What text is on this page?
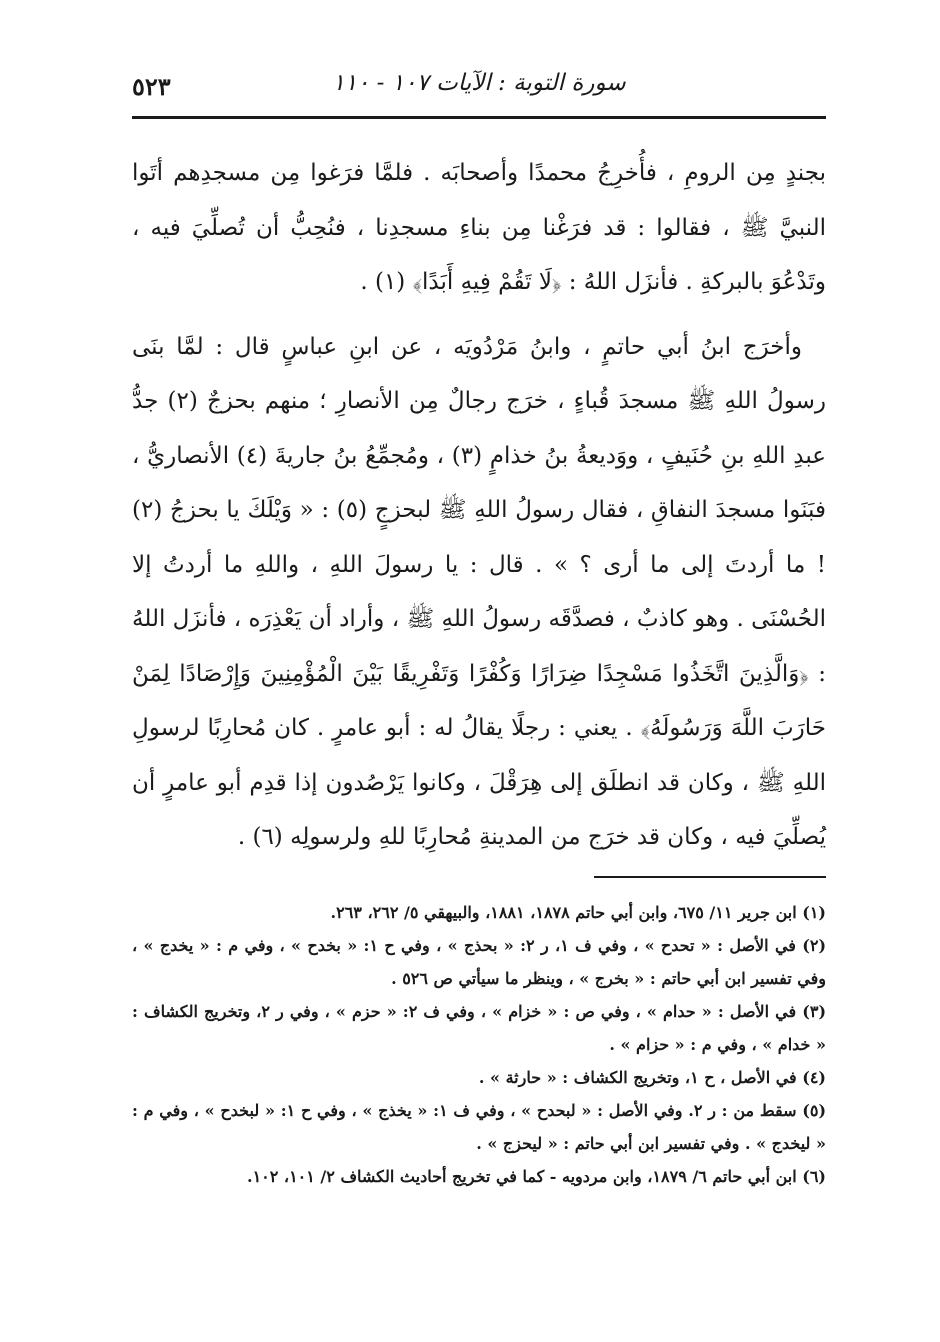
٥٢٣	سورة التوبة : الآيات ١٠٧ - ١١٠

بجندٍ مِن الرومِ ، فأُخرِجُ محمدًا وأصحابَه . فلمَّا فرَغوا مِن مسجدِهم أتَوا النبيَّ ﷺ ، فقالوا : قد فرَغْنا مِن بناءِ مسجدِنا ، فنُحِبُّ أن تُصلِّيَ فيه ، وتَدْعُوَ بالبركةِ . فأنزَل اللهُ : ﴿لَا تَقُمْ فِيهِ أَبَدًا﴾ (١) .

وأخرَج ابنُ أبي حاتمٍ ، وابنُ مَرْدُويَه ، عن ابنِ عباسٍ قال : لمَّا بنَى رسولُ اللهِ ﷺ مسجدَ قُباءٍ ، خرَج رجالٌ مِن الأنصارِ ؛ منهم بحزجٌ (٢) جدُّ عبدِ اللهِ بنِ حُنَيفٍ ، ووَديعةُ بنُ خذامٍ (٣) ، ومُجمِّعُ بنُ جاريةَ (٤) الأنصاريُّ ، فبَنَوا مسجدَ النفاقِ ، فقال رسولُ اللهِ ﷺ لبحزجٍ (٥) : « وَيْلَكَ يا بحزجُ (٢) ! ما أردتَ إلى ما أرى ؟ » . قال : يا رسولَ اللهِ ، واللهِ ما أردتُ إلا الحُسْنَى . وهو كاذبٌ ، فصدَّقَه رسولُ اللهِ ﷺ ، وأراد أن يَعْذِرَه ، فأنزَل اللهُ : ﴿وَالَّذِينَ اتَّخَذُوا مَسْجِدًا ضِرَارًا وَكُفْرًا وَتَفْرِيقًا بَيْنَ الْمُؤْمِنِينَ وَإِرْصَادًا لِمَنْ حَارَبَ اللَّهَ وَرَسُولَهُ﴾ . يعني : رجلًا يقالُ له : أبو عامرٍ . كان مُحارِبًا لرسولِ اللهِ ﷺ ، وكان قد انطلَق إلى هِرَقْلَ ، وكانوا يَرْصُدون إذا قدِم أبو عامرٍ أن يُصلِّيَ فيه ، وكان قد خرَج من المدينةِ مُحارِبًا للهِ ولرسولِه (٦) .

(١) ابن جرير ١١/ ٦٧٥، وابن أبي حاتم ١٨٧٨، ١٨٨١، والبيهقي ٥/ ٢٦٢، ٢٦٣.

(٢) في الأصل : « تحدح » ، وفي ف ١، ر ٢: « بحذج » ، وفي ح ١: « بخدح » ، وفي م : « يخدج » ، وفي تفسير ابن أبي حاتم : « بخرج » ، وينظر ما سيأتي ص ٥٢٦ .

(٣) في الأصل : « حدام » ، وفي ص : « خزام » ، وفي ف ٢: « حزم » ، وفي ر ٢، وتخريج الكشاف : « خدام » ، وفي م : « حزام » .

(٤) في الأصل ، ح ١، وتخريج الكشاف : « حارثة » .

(٥) سقط من : ر ٢. وفي الأصل : « لبحدح » ، وفي ف ١: « يخذج » ، وفي ح ١: « لبخدح » ، وفي م : « ليخدج » . وفي تفسير ابن أبي حاتم : « ليحزج » .

(٦) ابن أبي حاتم ٦/ ١٨٧٩، وابن مردويه - كما في تخريج أحاديث الكشاف ٢/ ١٠١، ١٠٢.
